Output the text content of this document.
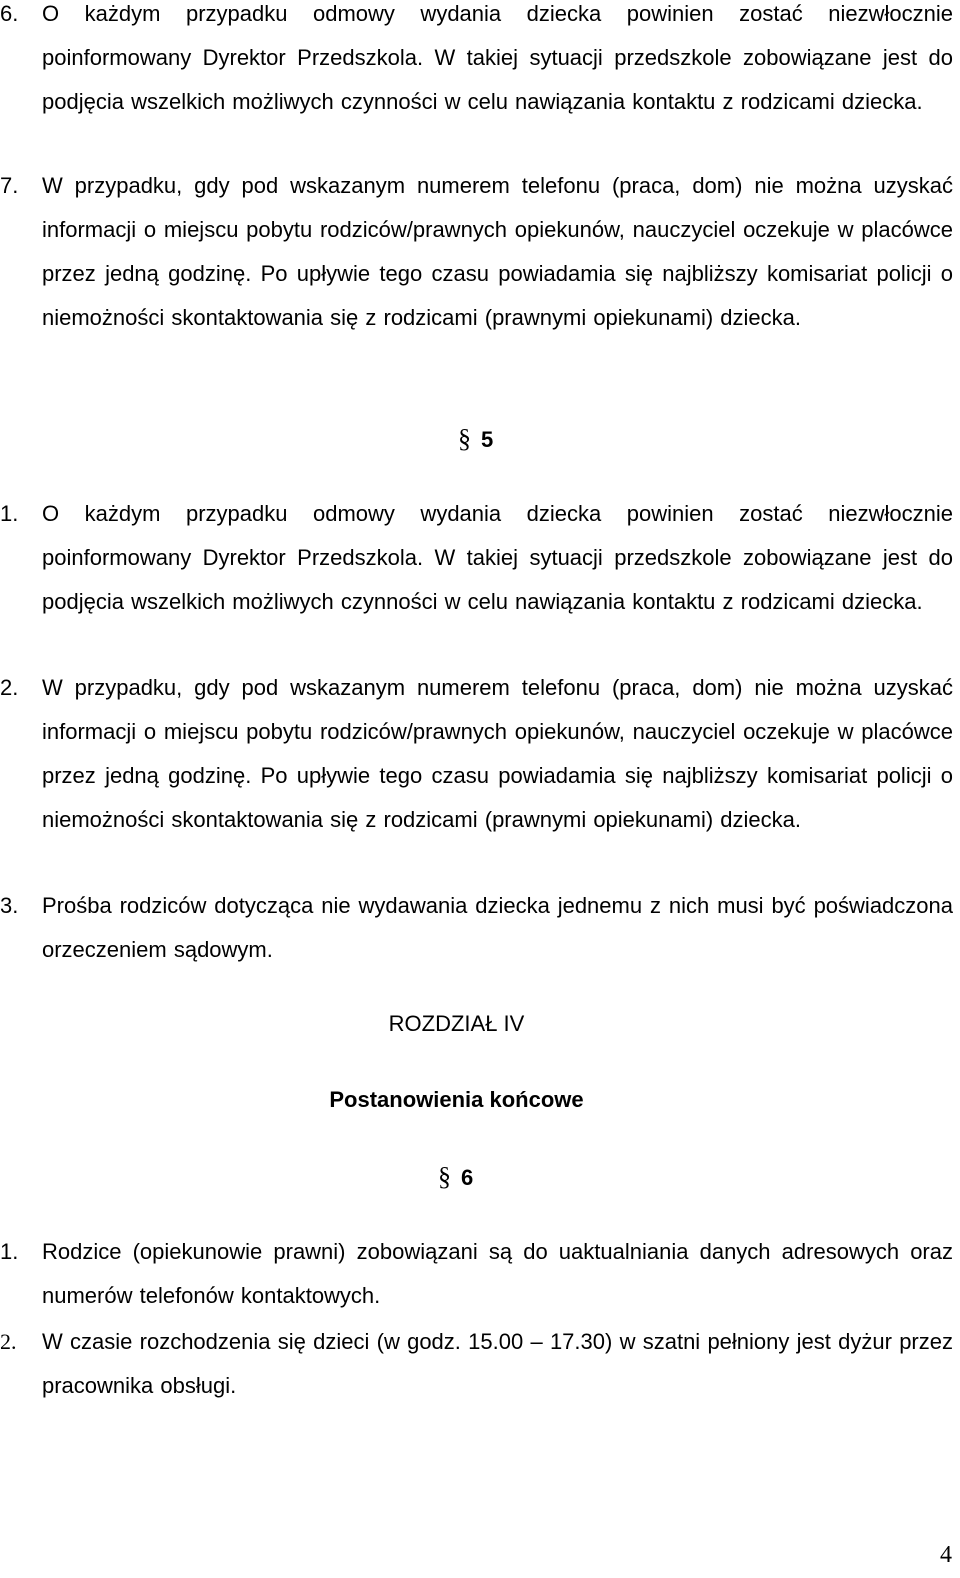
6. O każdym przypadku odmowy wydania dziecka powinien zostać niezwłocznie poinformowany Dyrektor Przedszkola. W takiej sytuacji przedszkole zobowiązane jest do podjęcia wszelkich możliwych czynności w celu nawiązania kontaktu z rodzicami dziecka.
7. W przypadku, gdy pod wskazanym numerem telefonu (praca, dom) nie można uzyskać informacji o miejscu pobytu rodziców/prawnych opiekunów, nauczyciel oczekuje w placówce przez jedną godzinę. Po upływie tego czasu powiadamia się najbliższy komisariat policji o niemożności skontaktowania się z rodzicami (prawnymi opiekunami) dziecka.
§ 5
1. O każdym przypadku odmowy wydania dziecka powinien zostać niezwłocznie poinformowany Dyrektor Przedszkola. W takiej sytuacji przedszkole zobowiązane jest do podjęcia wszelkich możliwych czynności w celu nawiązania kontaktu z rodzicami dziecka.
2. W przypadku, gdy pod wskazanym numerem telefonu (praca, dom) nie można uzyskać informacji o miejscu pobytu rodziców/prawnych opiekunów, nauczyciel oczekuje w placówce przez jedną godzinę. Po upływie tego czasu powiadamia się najbliższy komisariat policji o niemożności skontaktowania się z rodzicami (prawnymi opiekunami) dziecka.
3. Prośba rodziców dotycząca nie wydawania dziecka jednemu z nich musi być poświadczona orzeczeniem sądowym.
ROZDZIAŁ IV
Postanowienia końcowe
§ 6
1. Rodzice (opiekunowie prawni) zobowiązani są do uaktualniania danych adresowych oraz numerów telefonów kontaktowych.
2. W czasie rozchodzenia się dzieci (w godz. 15.00 – 17.30) w szatni pełniony jest dyżur przez pracownika obsługi.
4
